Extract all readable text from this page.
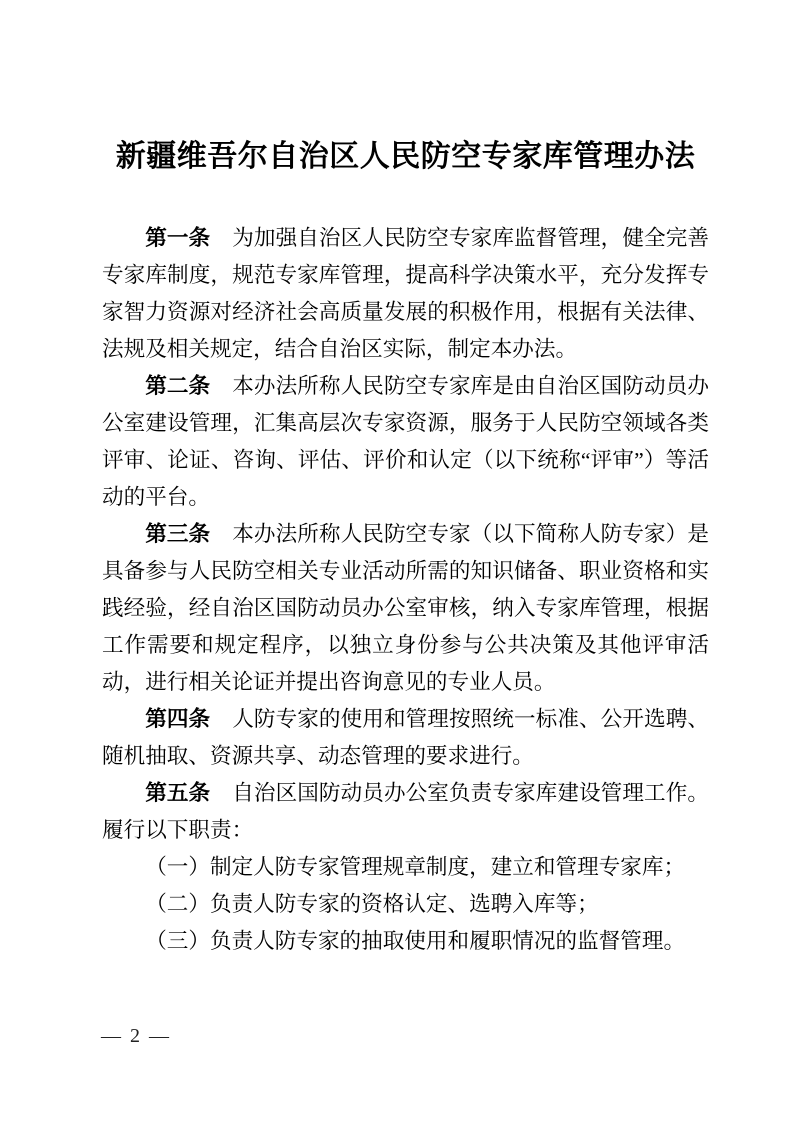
新疆维吾尔自治区人民防空专家库管理办法

第一条 为加强自治区人民防空专家库监督管理，健全完善专家库制度，规范专家库管理，提高科学决策水平，充分发挥专家智力资源对经济社会高质量发展的积极作用，根据有关法律、法规及相关规定，结合自治区实际，制定本办法。

第二条 本办法所称人民防空专家库是由自治区国防动员办公室建设管理，汇集高层次专家资源，服务于人民防空领域各类评审、论证、咨询、评估、评价和认定（以下统称“评审”）等活动的平台。

第三条 本办法所称人民防空专家（以下简称人防专家）是具备参与人民防空相关专业活动所需的知识储备、职业资格和实践经验，经自治区国防动员办公室审核，纳入专家库管理，根据工作需要和规定程序，以独立身份参与公共决策及其他评审活动，进行相关论证并提出咨询意见的专业人员。

第四条 人防专家的使用和管理按照统一标准、公开选聘、随机抽取、资源共享、动态管理的要求进行。

第五条 自治区国防动员办公室负责专家库建设管理工作。履行以下职责：

（一）制定人防专家管理规章制度，建立和管理专家库；

（二）负责人防专家的资格认定、选聘入库等；

（三）负责人防专家的抽取使用和履职情况的监督管理。

— 2 —
